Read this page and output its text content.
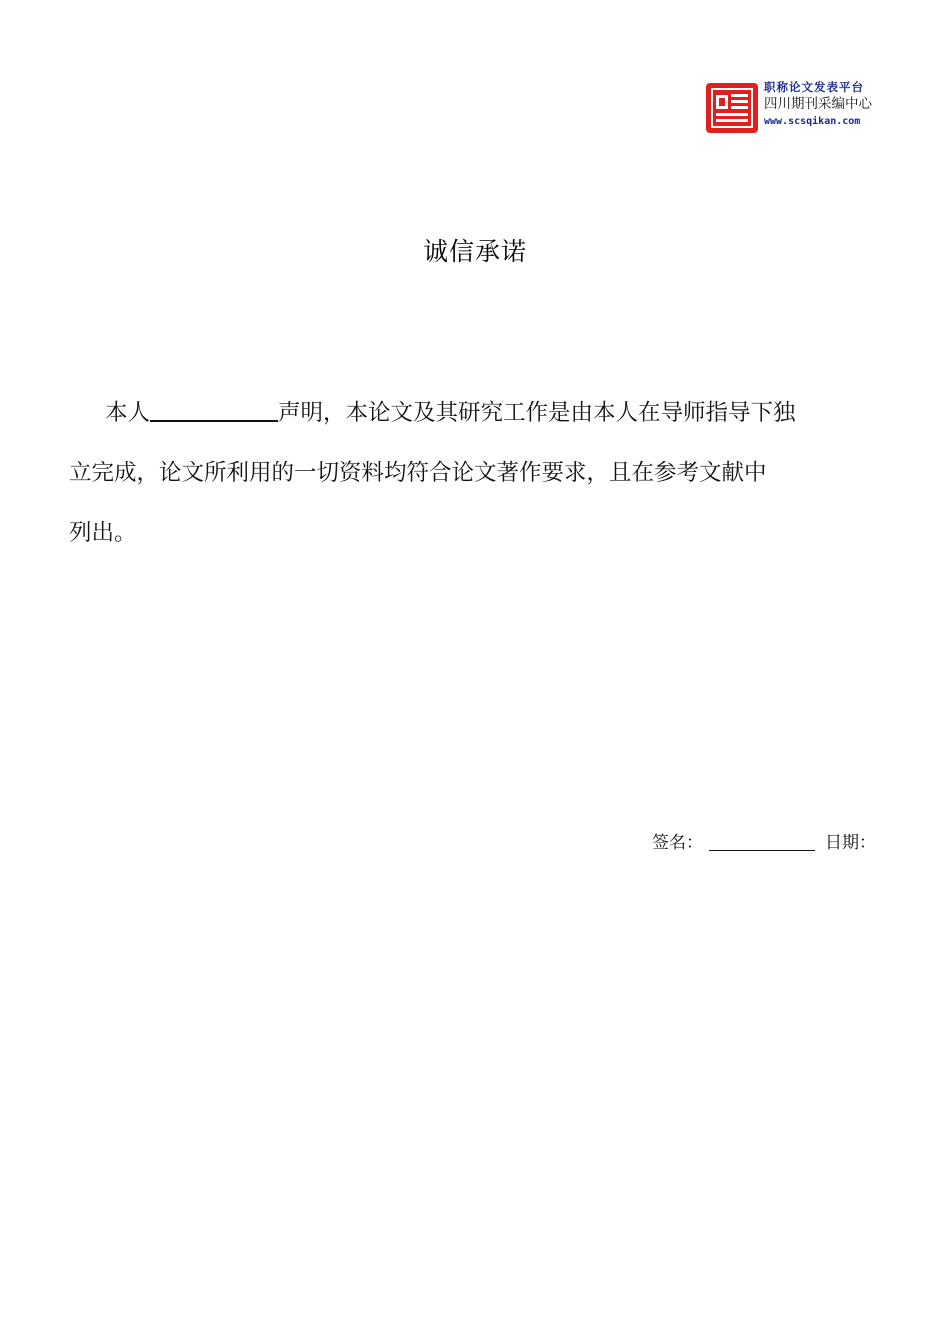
职称论文发表平台
四川期刊采编中心
www.scsqikan.com
诚信承诺
本人	声明，本论文及其研究工作是由本人在导师指导下独
立完成，论文所利用的一切资料均符合论文著作要求，且在参考文献中
列出。
签名：	日期：
